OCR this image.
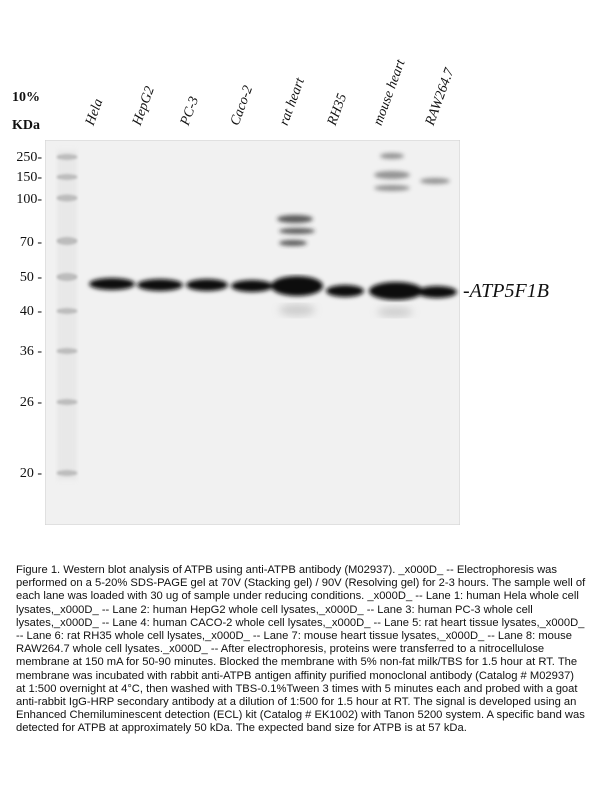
10%
KDa	Hela HepG2 PC-3 Caco-2 rat heart RH35 mouse heart RAW264.7
250-
150-
100-
70 -
50 -
40 -
36 -
26 -
20 -
-ATP5F1B
Figure 1. Western blot analysis of ATPB using anti-ATPB antibody (M02937). _x000D_ -- Electrophoresis was performed on a 5-20% SDS-PAGE gel at 70V (Stacking gel) / 90V (Resolving gel) for 2-3 hours. The sample well of each lane was loaded with 30 ug of sample under reducing conditions. _x000D_ -- Lane 1: human Hela whole cell lysates,_x000D_ -- Lane 2: human HepG2 whole cell lysates,_x000D_ -- Lane 3: human PC-3 whole cell lysates,_x000D_ -- Lane 4: human CACO-2 whole cell lysates,_x000D_ -- Lane 5: rat heart tissue lysates,_x000D_ -- Lane 6: rat RH35 whole cell lysates,_x000D_ -- Lane 7: mouse heart tissue lysates,_x000D_ -- Lane 8: mouse RAW264.7 whole cell lysates._x000D_ -- After electrophoresis, proteins were transferred to a nitrocellulose membrane at 150 mA for 50-90 minutes. Blocked the membrane with 5% non-fat milk/TBS for 1.5 hour at RT. The membrane was incubated with rabbit anti-ATPB antigen affinity purified monoclonal antibody (Catalog # M02937) at 1:500 overnight at 4°C, then washed with TBS-0.1%Tween 3 times with 5 minutes each and probed with a goat anti-rabbit IgG-HRP secondary antibody at a dilution of 1:500 for 1.5 hour at RT. The signal is developed using an Enhanced Chemiluminescent detection (ECL) kit (Catalog # EK1002) with Tanon 5200 system. A specific band was detected for ATPB at approximately 50 kDa. The expected band size for ATPB is at 57 kDa.
